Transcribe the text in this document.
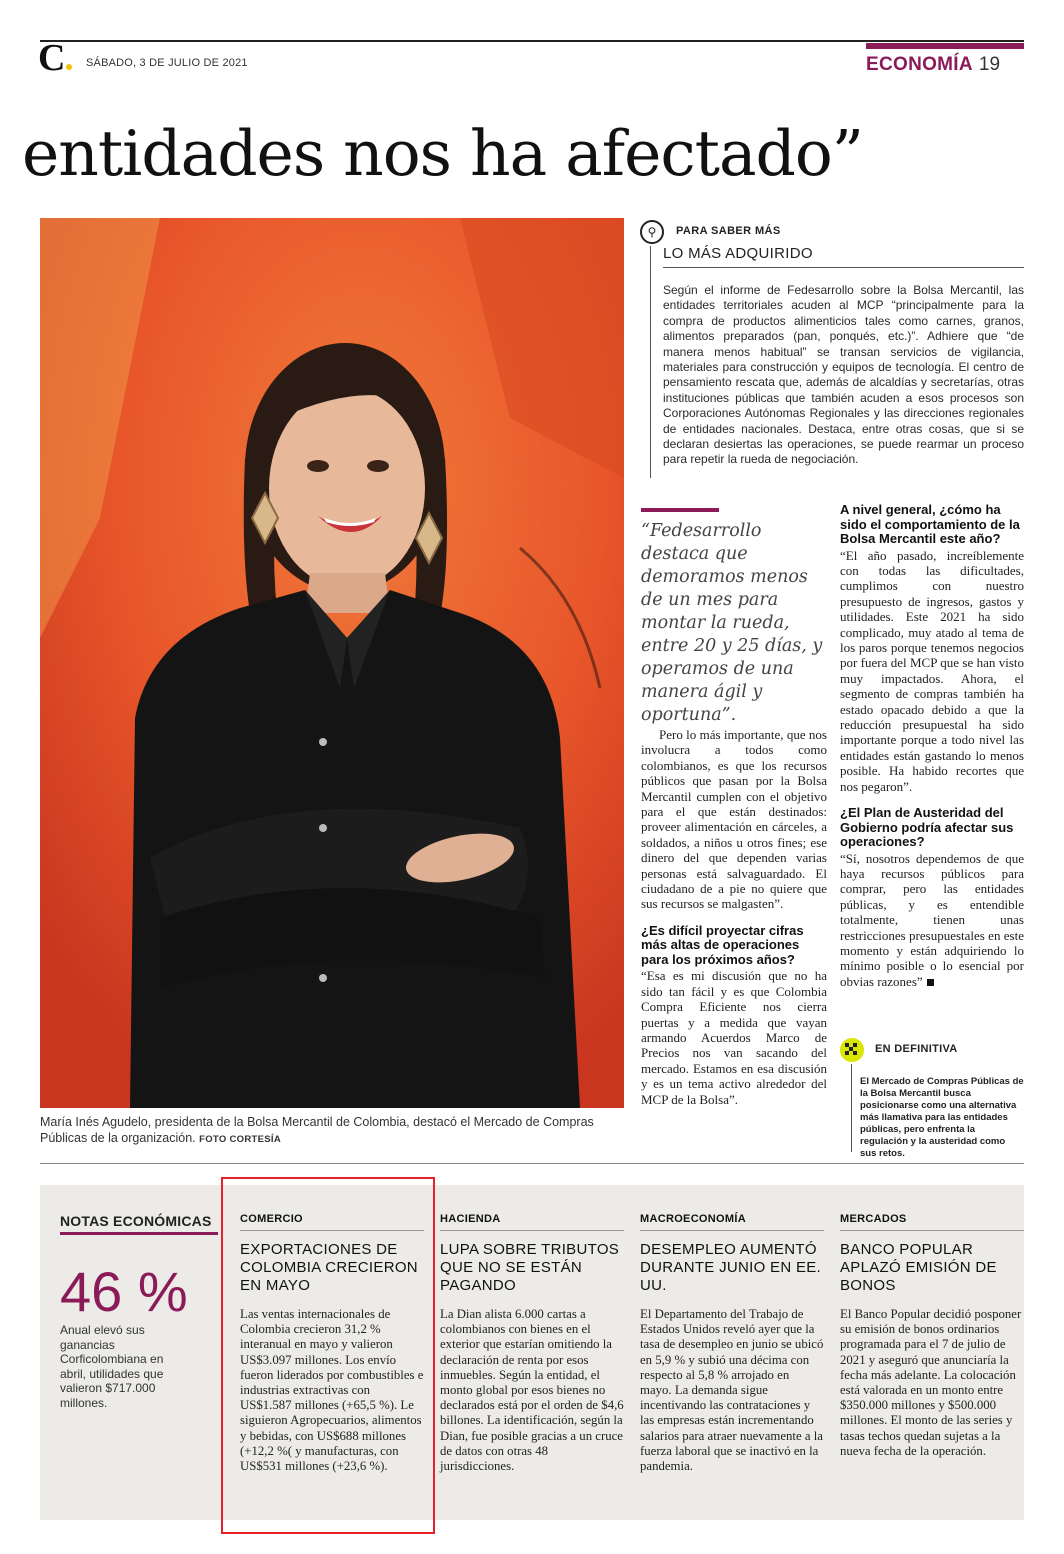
C	SÁBADO, 3 DE JULIO DE 2021	ECONOMÍA 19
entidades nos ha afectado”
María Inés Agudelo, presidenta de la Bolsa Mercantil de Colombia, destacó el Mercado de Compras Públicas de la organización. FOTO CORTESÍA
⚲	PARA SABER MÁS
LO MÁS ADQUIRIDO
Según el informe de Fedesarrollo sobre la Bolsa Mercantil, las entidades territoriales acuden al MCP “principalmente para la compra de productos alimenticios tales como carnes, granos, alimentos preparados (pan, ponqués, etc.)”. Adhiere que “de manera menos habitual” se transan servicios de vigilancia, materiales para construcción y equipos de tecnología. El centro de pensamiento rescata que, además de alcaldías y secretarías, otras instituciones públicas que también acuden a esos procesos son Corporaciones Autónomas Regionales y las direcciones regionales de entidades nacionales. Destaca, entre otras cosas, que si se declaran desiertas las operaciones, se puede rearmar un proceso para repetir la rueda de negociación.
“Fedesarrollo destaca que demoramos menos de un mes para montar la rueda, entre 20 y 25 días, y operamos de una manera ágil y oportuna”.

Pero lo más importante, que nos involucra a todos como colombianos, es que los recursos públicos que pasan por la Bolsa Mercantil cumplen con el objetivo para el que están destinados: proveer alimentación en cárceles, a soldados, a niños u otros fines; ese dinero del que dependen varias personas está salvaguardado. El ciudadano de a pie no quiere que sus recursos se malgasten”.

¿Es difícil proyectar cifras más altas de operaciones para los próximos años?
“Esa es mi discusión que no ha sido tan fácil y es que Colombia Compra Eficiente nos cierra puertas y a medida que vayan armando Acuerdos Marco de Precios nos van sacando del mercado. Estamos en esa discusión y es un tema activo alrededor del MCP de la Bolsa”.
A nivel general, ¿cómo ha sido el comportamiento de la Bolsa Mercantil este año?
“El año pasado, increíblemente con todas las dificultades, cumplimos con nuestro presupuesto de ingresos, gastos y utilidades. Este 2021 ha sido complicado, muy atado al tema de los paros porque tenemos negocios por fuera del MCP que se han visto muy impactados. Ahora, el segmento de compras también ha estado opacado debido a que la reducción presupuestal ha sido importante porque a todo nivel las entidades están gastando lo menos posible. Ha habido recortes que nos pegaron”.
¿El Plan de Austeridad del Gobierno podría afectar sus operaciones?
“Sí, nosotros dependemos de que haya recursos públicos para comprar, pero las entidades públicas, y es entendible totalmente, tienen unas restricciones presupuestales en este momento y están adquiriendo lo mínimo posible o lo esencial por obvias razones”
EN DEFINITIVA
El Mercado de Compras Públicas de la Bolsa Mercantil busca posicionarse como una alternativa más llamativa para las entidades públicas, pero enfrenta la regulación y la austeridad como sus retos.
NOTAS ECONÓMICAS
46 %
Anual elevó sus ganancias Corficolombiana en abril, utilidades que valieron $717.000 millones.
COMERCIO
EXPORTACIONES DE COLOMBIA CRECIERON EN MAYO
Las ventas internacionales de Colombia crecieron 31,2 % interanual en mayo y valieron US$3.097 millones. Los envío fueron liderados por combustibles e industrias extractivas con US$1.587 millones (+65,5 %). Le siguieron Agropecuarios, alimentos y bebidas, con US$688 millones (+12,2 %( y manufacturas, con US$531 millones (+23,6 %).
HACIENDA
LUPA SOBRE TRIBUTOS QUE NO SE ESTÁN PAGANDO
La Dian alista 6.000 cartas a colombianos con bienes en el exterior que estarían omitiendo la declaración de renta por esos inmuebles. Según la entidad, el monto global por esos bienes no declarados está por el orden de $4,6 billones. La identificación, según la Dian, fue posible gracias a un cruce de datos con otras 48 jurisdicciones.
MACROECONOMÍA
DESEMPLEO AUMENTÓ DURANTE JUNIO EN EE. UU.
El Departamento del Trabajo de Estados Unidos reveló ayer que la tasa de desempleo en junio se ubicó en 5,9 % y subió una décima con respecto al 5,8 % arrojado en mayo. La demanda sigue incentivando las contrataciones y las empresas están incrementando salarios para atraer nuevamente a la fuerza laboral que se inactivó en la pandemia.
MERCADOS
BANCO POPULAR APLAZÓ EMISIÓN DE BONOS
El Banco Popular decidió posponer su emisión de bonos ordinarios programada para el 7 de julio de 2021 y aseguró que anunciaría la fecha más adelante. La colocación está valorada en un monto entre $350.000 millones y $500.000 millones. El monto de las series y tasas techos quedan sujetas a la nueva fecha de la operación.
